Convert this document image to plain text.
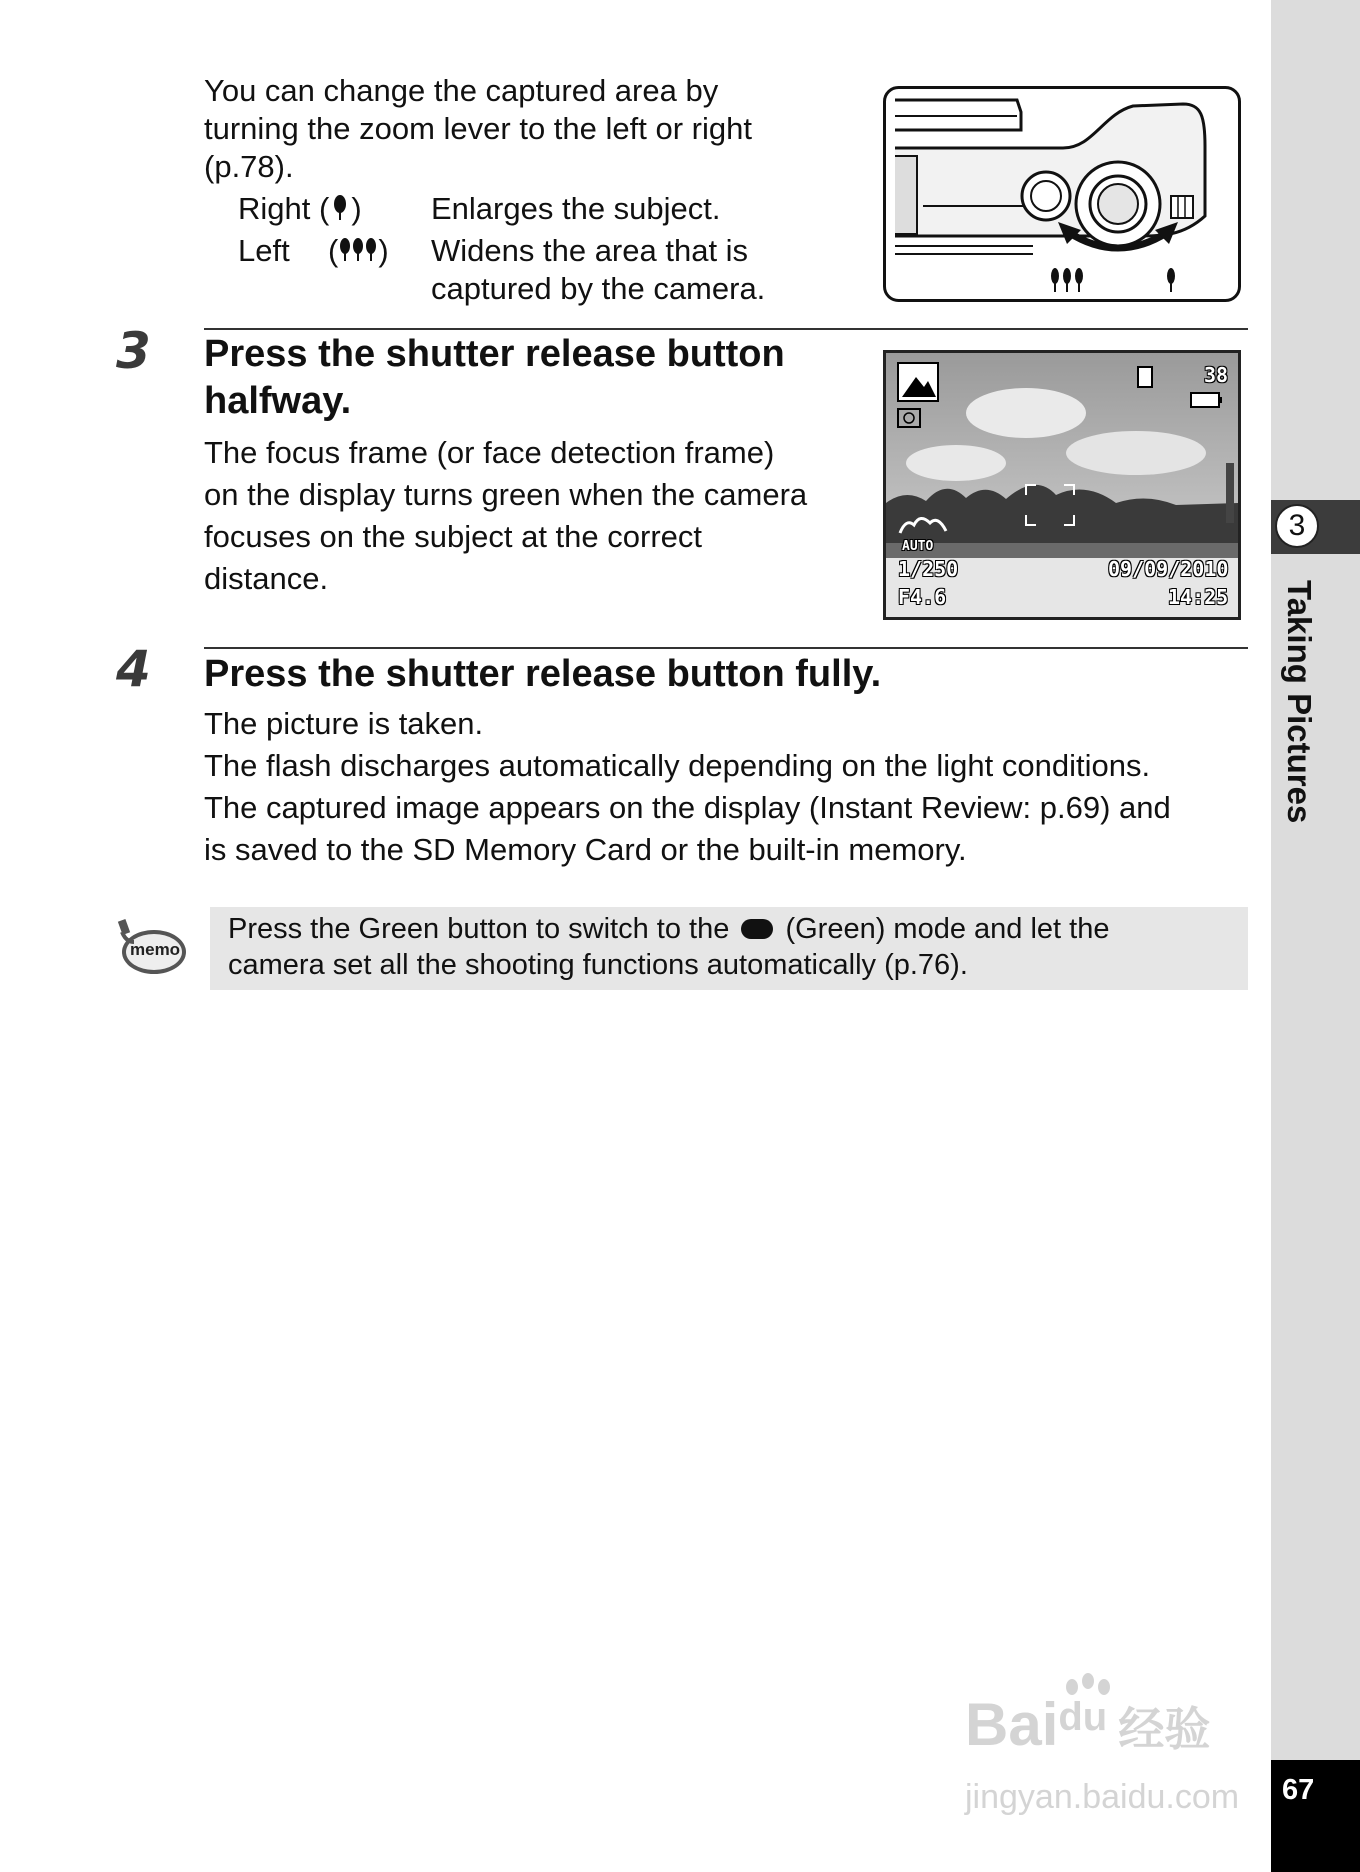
You can change the captured area by
turning the zoom lever to the left or right
(p.78).
Right ( ) Enlarges the subject.
Left ( ) Widens the area that is
captured by the camera.
3 Press the shutter release button
halfway.
The focus frame (or face detection frame)
on the display turns green when the camera
focuses on the subject at the correct
distance.
38
AUTO
1/250	09/09/2010
F4.6	14:25
4 Press the shutter release button fully.
The picture is taken.
The flash discharges automatically depending on the light conditions.
The captured image appears on the display (Instant Review: p.69) and
is saved to the SD Memory Card or the built-in memory.
memo
Press the Green button to switch to the (Green) mode and let the
camera set all the shooting functions automatically (p.76).
3
Taking Pictures
Bai du 经验
jingyan.baidu.com 67
